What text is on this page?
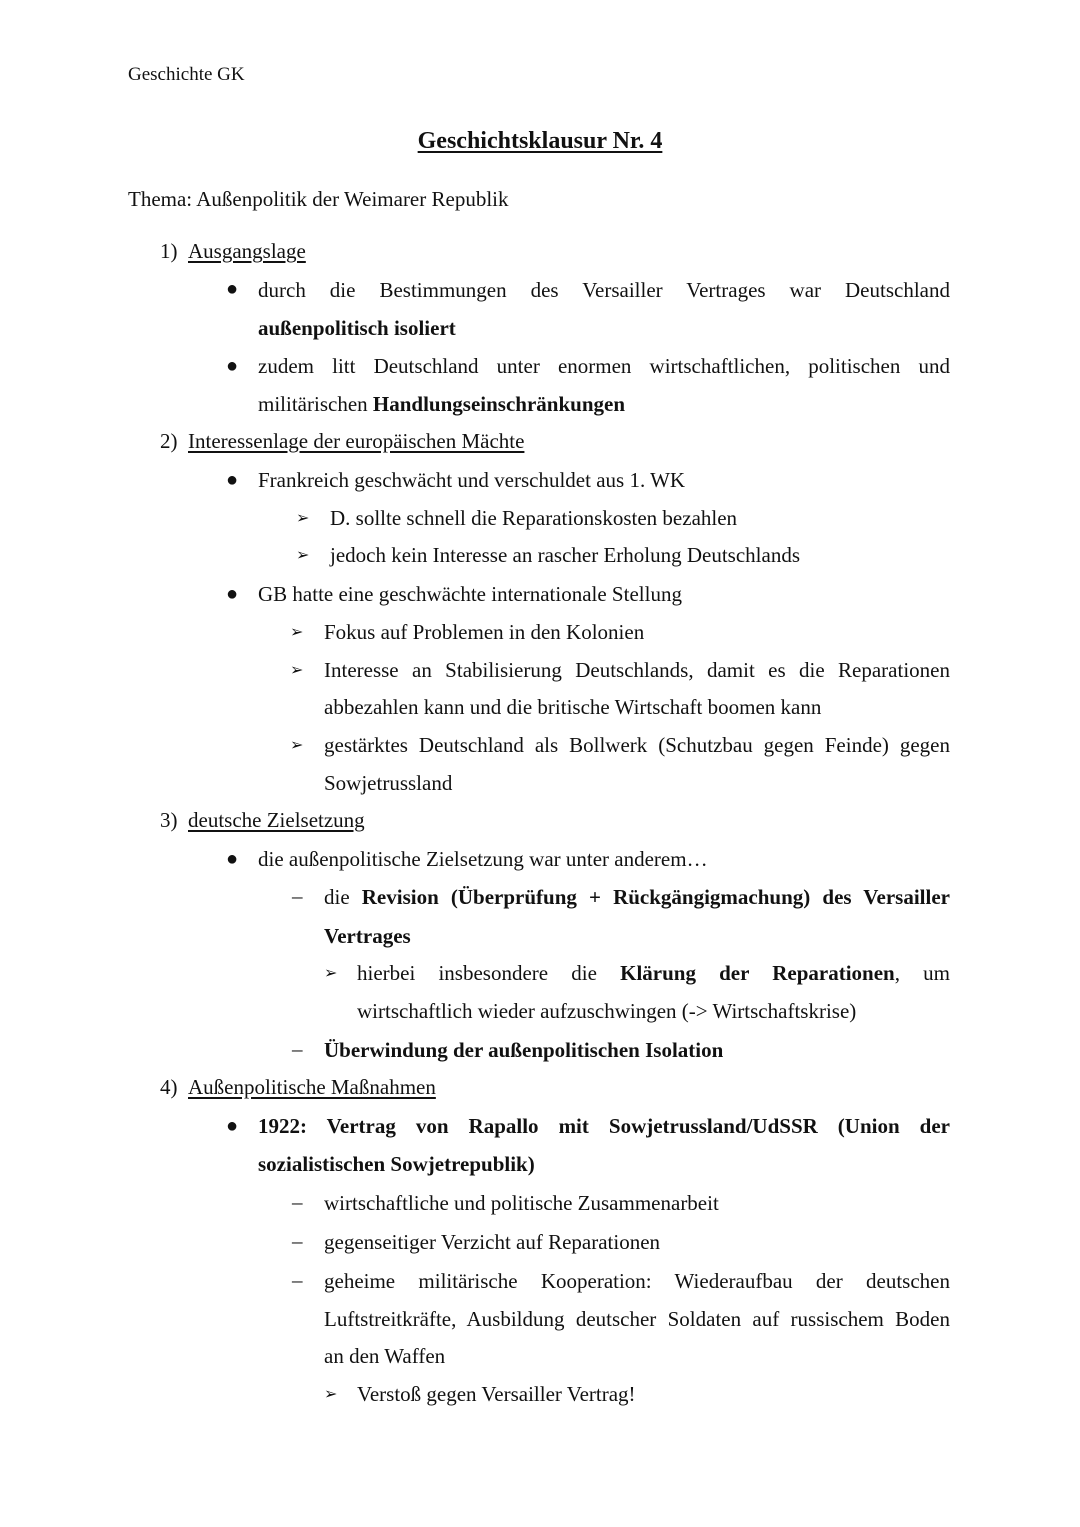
Geschichte GK
Geschichtsklausur Nr. 4
Thema: Außenpolitik der Weimarer Republik
1) Ausgangslage
● durch die Bestimmungen des Versailler Vertrages war Deutschland
außenpolitisch isoliert
● zudem litt Deutschland unter enormen wirtschaftlichen, politischen und
militärischen Handlungseinschränkungen
2) Interessenlage der europäischen Mächte
● Frankreich geschwächt und verschuldet aus 1. WK
➢ D. sollte schnell die Reparationskosten bezahlen
➢ jedoch kein Interesse an rascher Erholung Deutschlands
● GB hatte eine geschwächte internationale Stellung
➢ Fokus auf Problemen in den Kolonien
➢ Interesse an Stabilisierung Deutschlands, damit es die Reparationen
abbezahlen kann und die britische Wirtschaft boomen kann
➢ gestärktes Deutschland als Bollwerk (Schutzbau gegen Feinde) gegen
Sowjetrussland
3) deutsche Zielsetzung
● die außenpolitische Zielsetzung war unter anderem…
– die Revision (Überprüfung + Rückgängigmachung) des Versailler
Vertrages
➢ hierbei insbesondere die Klärung der Reparationen, um
wirtschaftlich wieder aufzuschwingen (-> Wirtschaftskrise)
– Überwindung der außenpolitischen Isolation
4) Außenpolitische Maßnahmen
● 1922: Vertrag von Rapallo mit Sowjetrussland/UdSSR (Union der
sozialistischen Sowjetrepublik)
– wirtschaftliche und politische Zusammenarbeit
– gegenseitiger Verzicht auf Reparationen
– geheime militärische Kooperation: Wiederaufbau der deutschen
Luftstreitkräfte, Ausbildung deutscher Soldaten auf russischem Boden
an den Waffen
➢ Verstoß gegen Versailler Vertrag!
